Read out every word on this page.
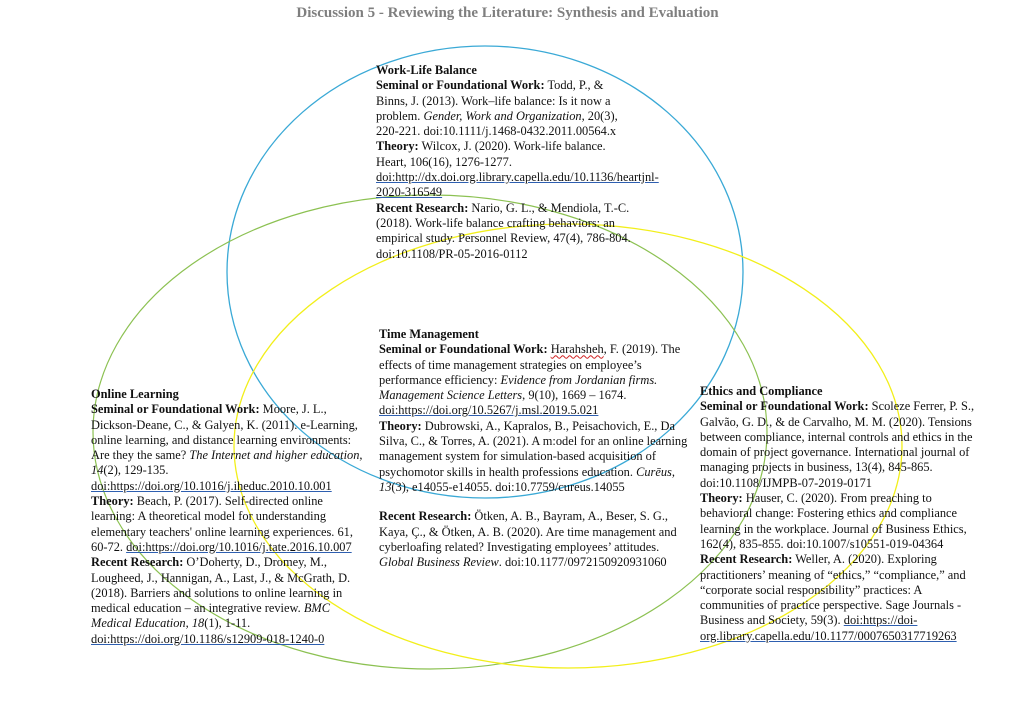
Discussion 5 - Reviewing the Literature: Synthesis and Evaluation
Work-Life Balance

Seminal or Foundational Work: Todd, P., & Binns, J. (2013). Work–life balance: Is it now a problem. Gender, Work and Organization, 20(3), 220-221. doi:10.1111/j.1468-0432.2011.00564.x

Theory: Wilcox, J. (2020). Work-life balance. Heart, 106(16), 1276-1277. doi:http://dx.doi.org.library.capella.edu/10.1136/heartjnl-2020-316549

Recent Research: Nario, G. L., & Mendiola, T.-C. (2018). Work-life balance crafting behaviors: an empirical study. Personnel Review, 47(4), 786-804. doi:10.1108/PR-05-2016-0112

Time Management

Seminal or Foundational Work: Harahsheh, F. (2019). The effects of time management strategies on employee’s performance efficiency: Evidence from Jordanian firms. Management Science Letters, 9(10), 1669 – 1674. doi:https://doi.org/10.5267/j.msl.2019.5.021

Theory: Dubrowski, A., Kapralos, B., Peisachovich, E., Da Silva, C., & Torres, A. (2021). A m:odel for an online learning management system for simulation-based acquisition of psychomotor skills in health professions education. Curēus, 13(3), e14055-e14055. doi:10.7759/cureus.14055

Recent Research: Ötken, A. B., Bayram, A., Beser, S. G., Kaya, Ç., & Ötken, A. B. (2020). Are time management and cyberloafing related? Investigating employees’ attitudes. Global Business Review. doi:10.1177/0972150920931060

Online Learning

Seminal or Foundational Work: Moore, J. L., Dickson-Deane, C., & Galyen, K. (2011). e-Learning, online learning, and distance learning environments: Are they the same? The Internet and higher education, 14(2), 129-135. doi:https://doi.org/10.1016/j.iheduc.2010.10.001

Theory: Beach, P. (2017). Self-directed online learning: A theoretical model for understanding elementary teachers' online learning experiences. 61, 60-72. doi:https://doi.org/10.1016/j.tate.2016.10.007

Recent Research: O’Doherty, D., Dromey, M., Lougheed, J., Hannigan, A., Last, J., & McGrath, D. (2018). Barriers and solutions to online learning in medical education – an integrative review. BMC Medical Education, 18(1), 1-11. doi:https://doi.org/10.1186/s12909-018-1240-0

Ethics and Compliance

Seminal or Foundational Work: Scoleze Ferrer, P. S., Galvão, G. D., & de Carvalho, M. M. (2020). Tensions between compliance, internal controls and ethics in the domain of project governance. International journal of managing projects in business, 13(4), 845-865. doi:10.1108/IJMPB-07-2019-0171

Theory: Hauser, C. (2020). From preaching to behavioral change: Fostering ethics and compliance learning in the workplace. Journal of Business Ethics, 162(4), 835-855. doi:10.1007/s10551-019-04364

Recent Research: Weller, A. (2020). Exploring practitioners’ meaning of “ethics,” “compliance,” and “corporate social responsibility” practices: A communities of practice perspective. Sage Journals - Business and Society, 59(3). doi:https://doi-org.library.capella.edu/10.1177/0007650317719263
